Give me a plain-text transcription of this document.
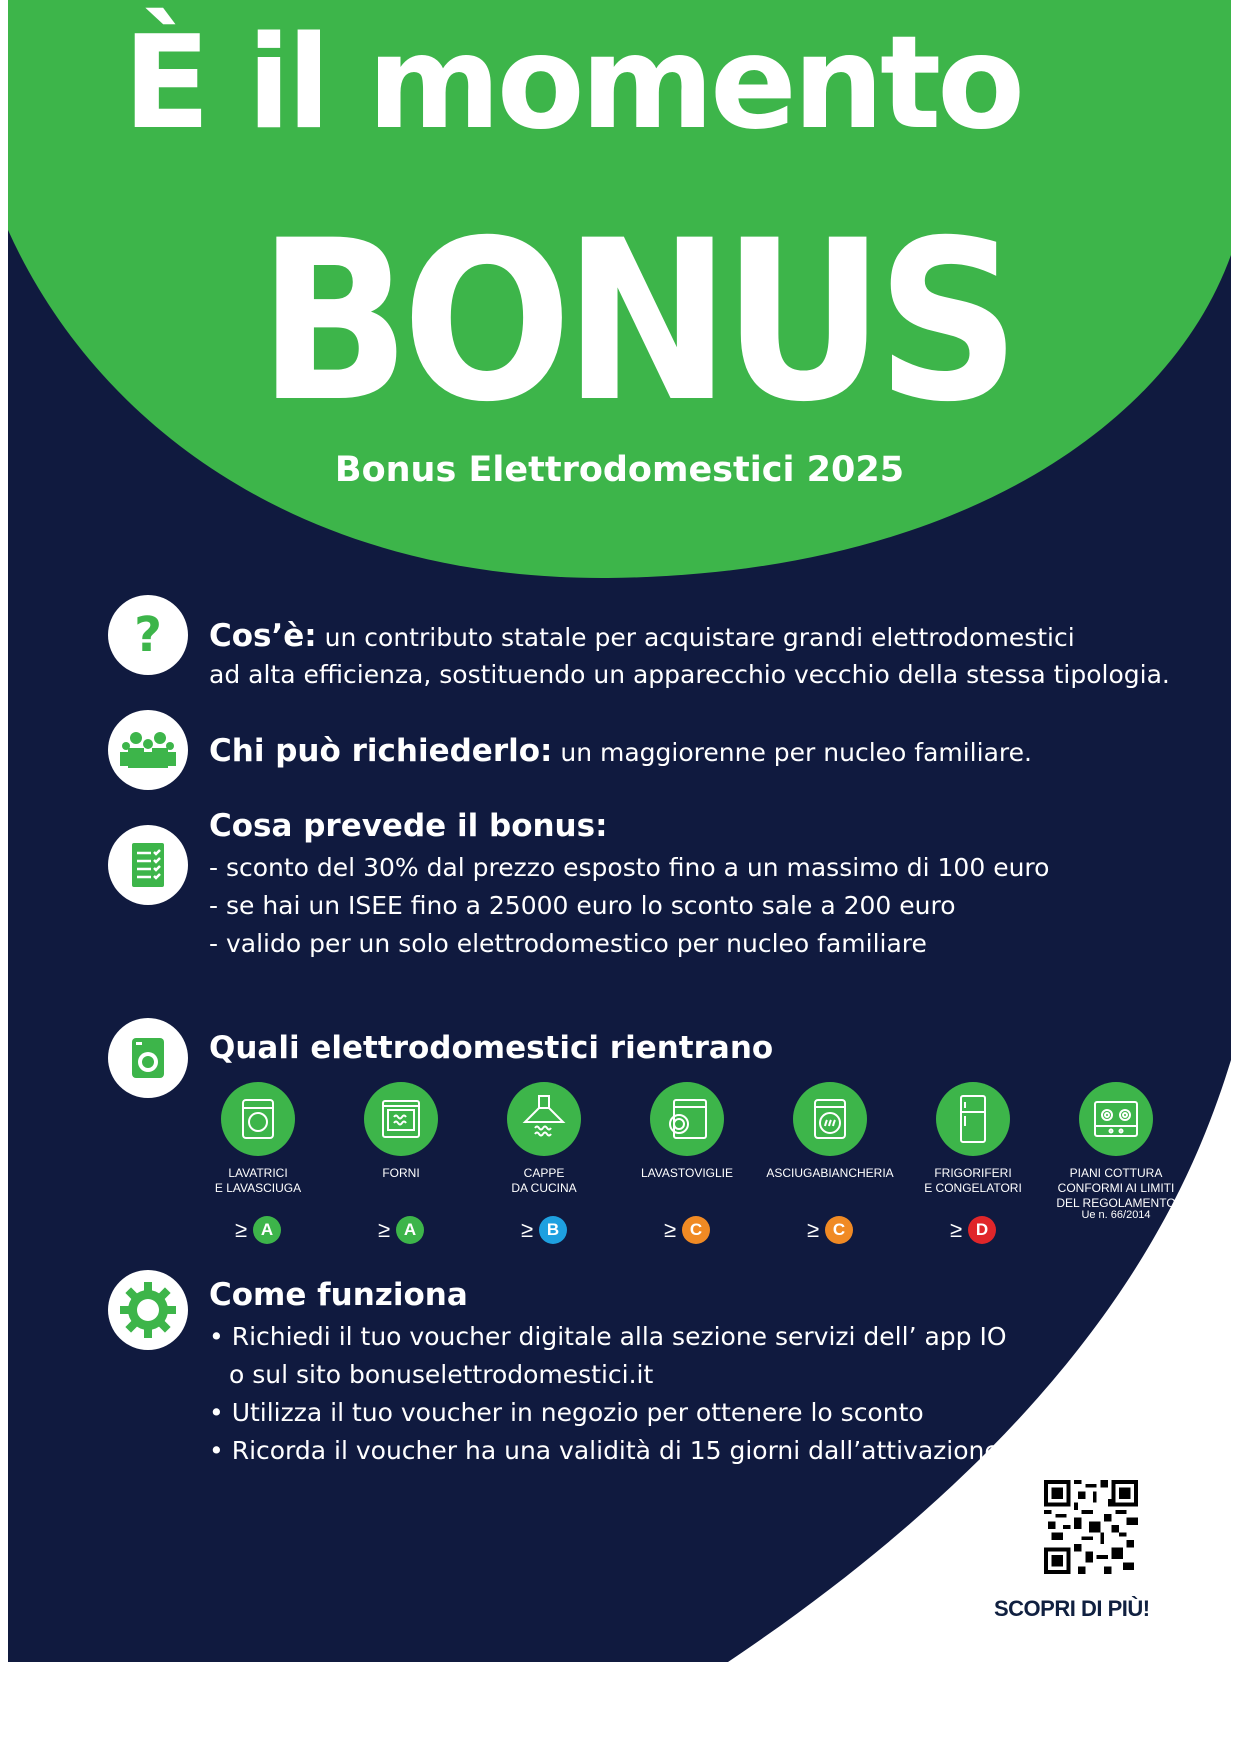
È il momento
BONUS
Bonus Elettrodomestici 2025
? Cos’è: un contributo statale per acquistare grandi elettrodomestici
ad alta efficienza, sostituendo un apparecchio vecchio della stessa tipologia.
Chi può richiederlo: un maggiorenne per nucleo familiare.
Cosa prevede il bonus:
- sconto del 30% dal prezzo esposto fino a un massimo di 100 euro
- se hai un ISEE fino a 25000 euro lo sconto sale a 200 euro
- valido per un solo elettrodomestico per nucleo familiare
Quali elettrodomestici rientrano
LAVATRICI
E LAVASCIUGA
≥ A
FORNI
≥ A
CAPPE
DA CUCINA
≥ B
LAVASTOVIGLIE
≥ C
ASCIUGABIANCHERIA
≥ C
FRIGORIFERI
E CONGELATORI
≥ D
PIANI COTTURA
CONFORMI AI LIMITI
DEL REGOLAMENTO
Ue n. 66/2014
Come funziona
• Richiedi il tuo voucher digitale alla sezione servizi dell’ app IO
o sul sito bonuselettrodomestici.it
• Utilizza il tuo voucher in negozio per ottenere lo sconto
• Ricorda il voucher ha una validità di 15 giorni dall’attivazione.
SCOPRI DI PIÙ!
